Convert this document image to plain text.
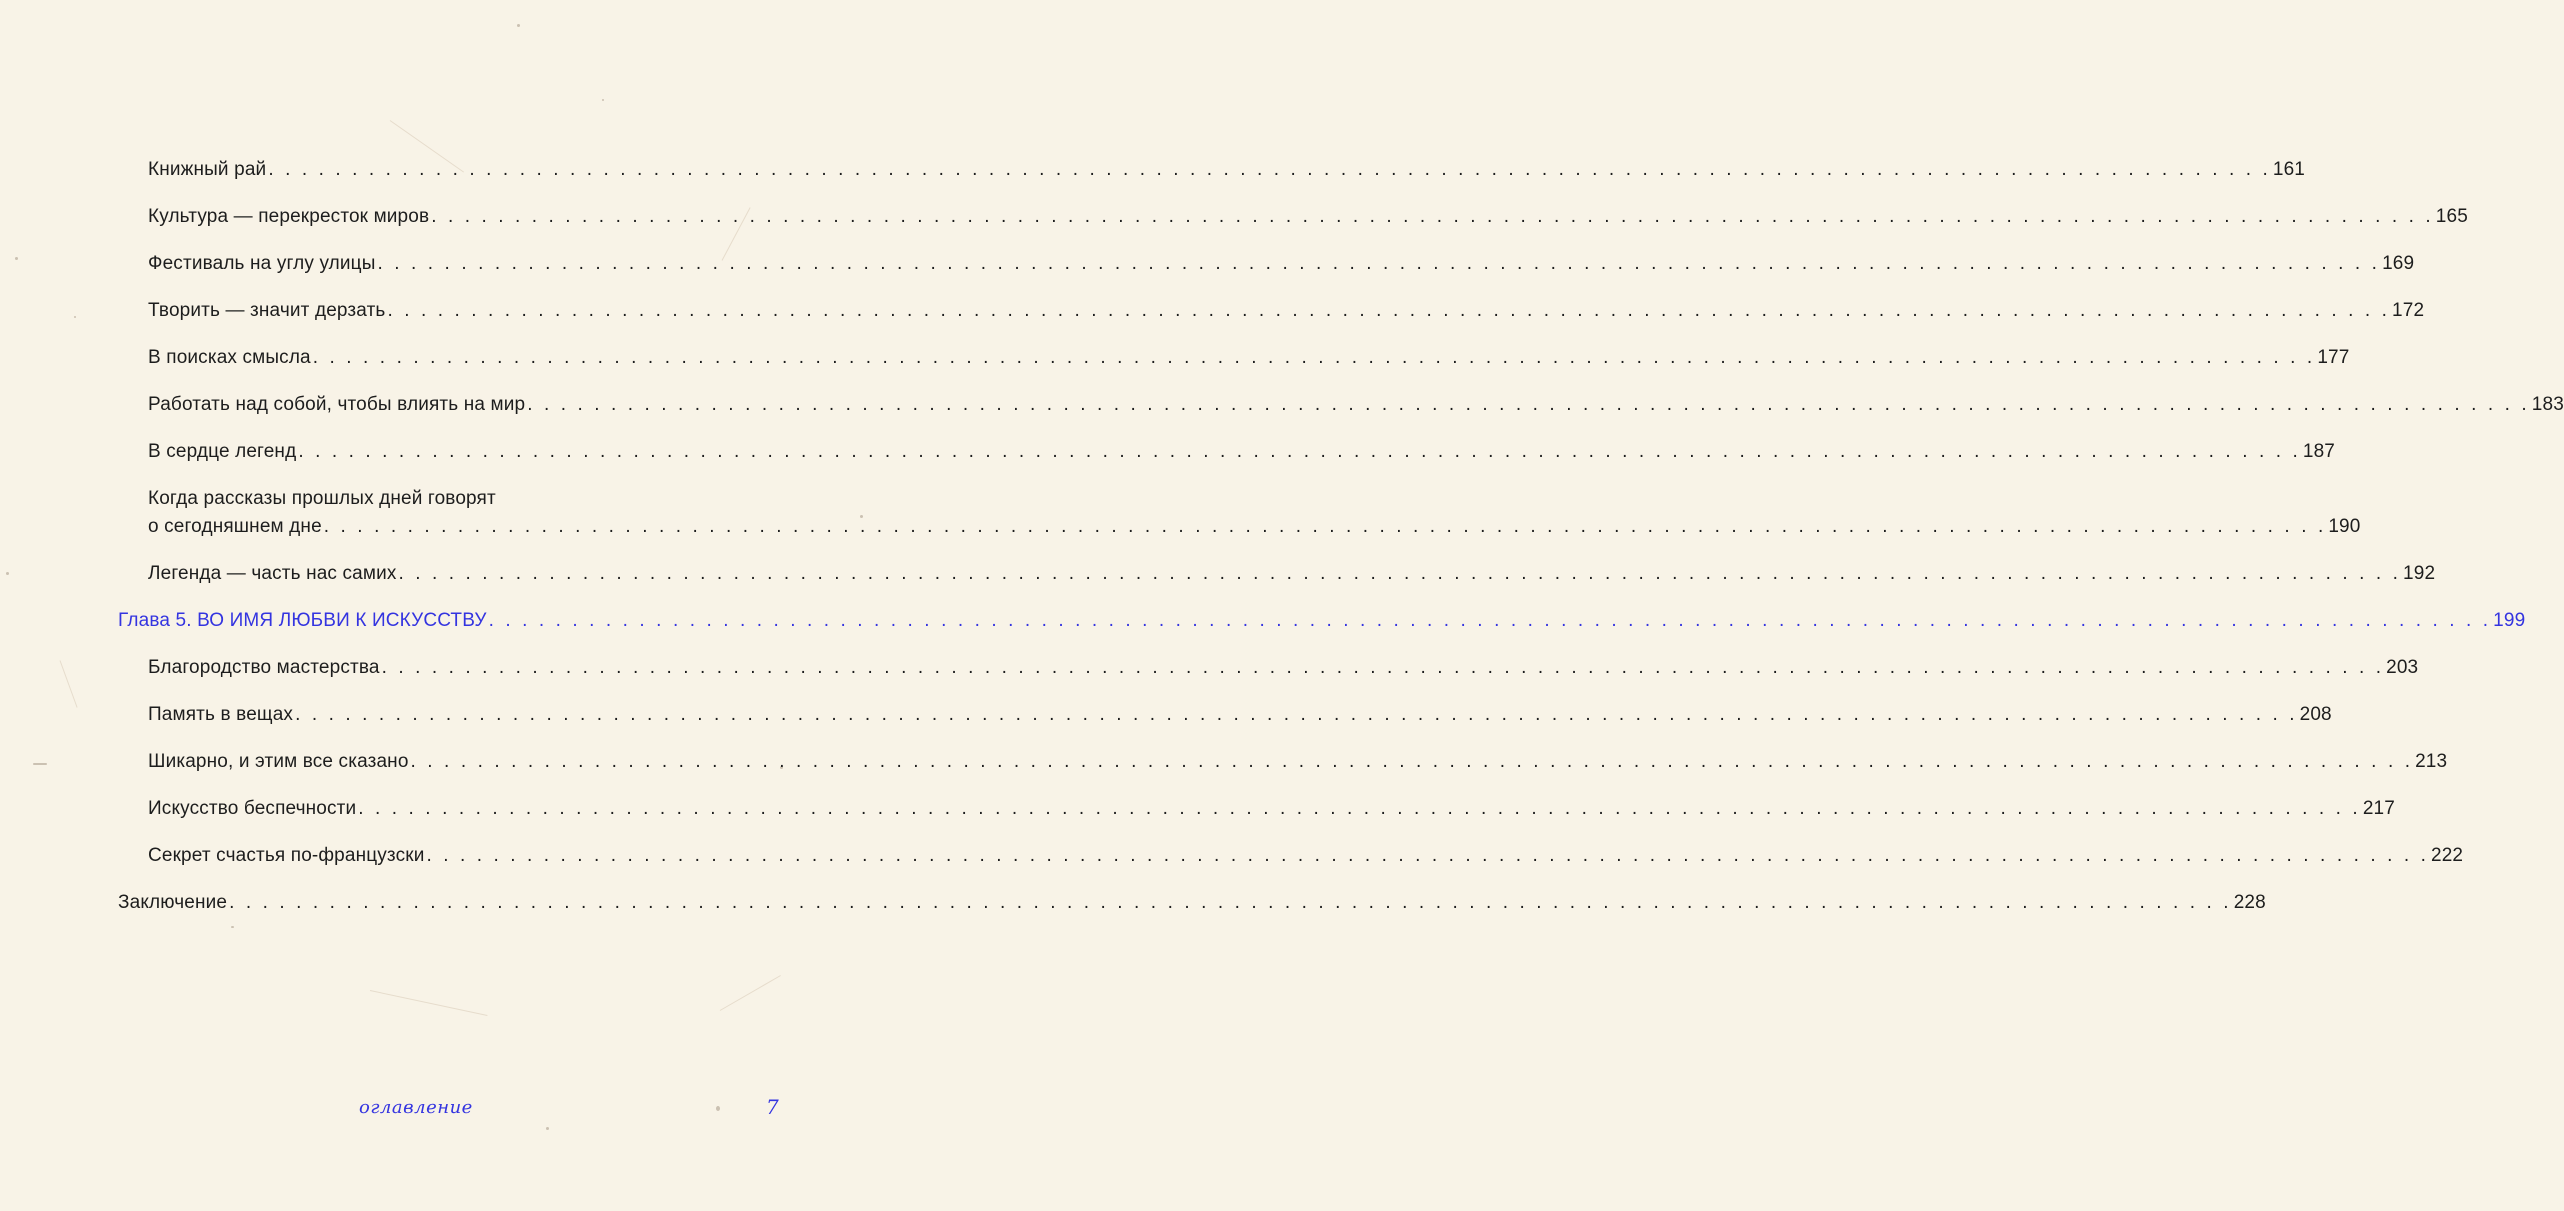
Книжный рай . . . . . . . . . . . . . . . . . . . . . . . . . . . . . . . . . . . . . . . . . . . . . . . . . . . . . . . . . . . . . . . . . . . . . . . . . . . . . . . . . . . . . . . . . . . . . . . . . . . . . . . . . . . . . . . . . . . . . . . . 161
Культура — перекресток миров . . . . . . . . . . . . . . . . . . . . . . . . . . . . . . . . . . . . . . . . . . . . . . . . . . . . . . . . . . . . . . . . . . . . . . . . . . . . . . . . . . . . . . . . . . . . . . . . . . . . . . . . . . . . . . . . . . . . . . . . 165
Фестиваль на углу улицы . . . . . . . . . . . . . . . . . . . . . . . . . . . . . . . . . . . . . . . . . . . . . . . . . . . . . . . . . . . . . . . . . . . . . . . . . . . . . . . . . . . . . . . . . . . . . . . . . . . . . . . . . . . . . . . . . . . . . . . . 169
Творить — значит дерзать . . . . . . . . . . . . . . . . . . . . . . . . . . . . . . . . . . . . . . . . . . . . . . . . . . . . . . . . . . . . . . . . . . . . . . . . . . . . . . . . . . . . . . . . . . . . . . . . . . . . . . . . . . . . . . . . . . . . . . . . 172
В поисках смысла . . . . . . . . . . . . . . . . . . . . . . . . . . . . . . . . . . . . . . . . . . . . . . . . . . . . . . . . . . . . . . . . . . . . . . . . . . . . . . . . . . . . . . . . . . . . . . . . . . . . . . . . . . . . . . . . . . . . . . . . 177
Работать над собой, чтобы влиять на мир . . . . . . . . . . . . . . . . . . . . . . . . . . . . . . . . . . . . . . . . . . . . . . . . . . . . . . . . . . . . . . . . . . . . . . . . . . . . . . . . . . . . . . . . . . . . . . . . . . . . . . . . . . . . . . . . . . . . . . . . 183
В сердце легенд . . . . . . . . . . . . . . . . . . . . . . . . . . . . . . . . . . . . . . . . . . . . . . . . . . . . . . . . . . . . . . . . . . . . . . . . . . . . . . . . . . . . . . . . . . . . . . . . . . . . . . . . . . . . . . . . . . . . . . . . 187
Когда рассказы прошлых дней говорят
о сегодняшнем дне . . . . . . . . . . . . . . . . . . . . . . . . . . . . . . . . . . . . . . . . . . . . . . . . . . . . . . . . . . . . . . . . . . . . . . . . . . . . . . . . . . . . . . . . . . . . . . . . . . . . . . . . . . . . . . . . . . . . . . . . 190
Легенда — часть нас самих . . . . . . . . . . . . . . . . . . . . . . . . . . . . . . . . . . . . . . . . . . . . . . . . . . . . . . . . . . . . . . . . . . . . . . . . . . . . . . . . . . . . . . . . . . . . . . . . . . . . . . . . . . . . . . . . . . . . . . . . 192
Глава 5. ВО ИМЯ ЛЮБВИ К ИСКУССТВУ . . . . . . . . . . . . . . . . . . . . . . . . . . . . . . . . . . . . . . . . . . . . . . . . . . . . . . . . . . . . . . . . . . . . . . . . . . . . . . . . . . . . . . . . . . . . . . . . . . . . . . . . . . . . . . . . . . . . . . . . 199
Благородство мастерства . . . . . . . . . . . . . . . . . . . . . . . . . . . . . . . . . . . . . . . . . . . . . . . . . . . . . . . . . . . . . . . . . . . . . . . . . . . . . . . . . . . . . . . . . . . . . . . . . . . . . . . . . . . . . . . . . . . . . . . . 203
Память в вещах . . . . . . . . . . . . . . . . . . . . . . . . . . . . . . . . . . . . . . . . . . . . . . . . . . . . . . . . . . . . . . . . . . . . . . . . . . . . . . . . . . . . . . . . . . . . . . . . . . . . . . . . . . . . . . . . . . . . . . . . 208
Шикарно, и этим все сказано . . . . . . . . . . . . . . . . . . . . . . . . . . . . . . . . . . . . . . . . . . . . . . . . . . . . . . . . . . . . . . . . . . . . . . . . . . . . . . . . . . . . . . . . . . . . . . . . . . . . . . . . . . . . . . . . . . . . . . . . 213
Искусство беспечности . . . . . . . . . . . . . . . . . . . . . . . . . . . . . . . . . . . . . . . . . . . . . . . . . . . . . . . . . . . . . . . . . . . . . . . . . . . . . . . . . . . . . . . . . . . . . . . . . . . . . . . . . . . . . . . . . . . . . . . . 217
Секрет счастья по-французски . . . . . . . . . . . . . . . . . . . . . . . . . . . . . . . . . . . . . . . . . . . . . . . . . . . . . . . . . . . . . . . . . . . . . . . . . . . . . . . . . . . . . . . . . . . . . . . . . . . . . . . . . . . . . . . . . . . . . . . . 222
Заключение . . . . . . . . . . . . . . . . . . . . . . . . . . . . . . . . . . . . . . . . . . . . . . . . . . . . . . . . . . . . . . . . . . . . . . . . . . . . . . . . . . . . . . . . . . . . . . . . . . . . . . . . . . . . . . . . . . . . . . . . 228
оглавление	7
